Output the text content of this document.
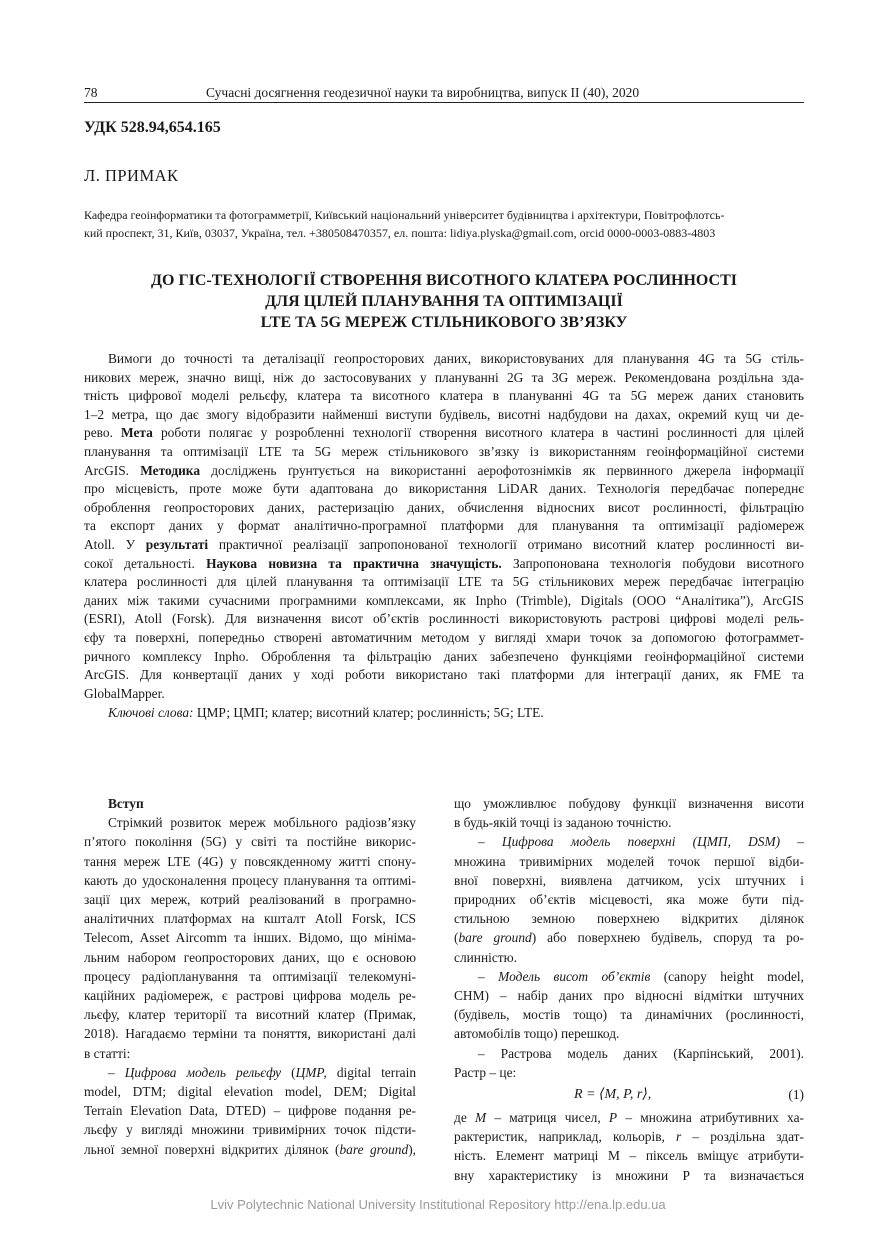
78	Сучасні досягнення геодезичної науки та виробництва, випуск ІІ (40), 2020
УДК 528.94,654.165
Л. ПРИМАК
Кафедра геоінформатики та фотограмметрії, Київський національний університет будівництва і архітектури, Повітрофлотсь-
кий проспект, 31, Київ, 03037, Україна, тел. +380508470357, ел. пошта: lidiya.plyska@gmail.com, orcid 0000-0003-0883-4803
ДО ГІС-ТЕХНОЛОГІЇ СТВОРЕННЯ ВИСОТНОГО КЛАТЕРА РОСЛИННОСТІ
ДЛЯ ЦІЛЕЙ ПЛАНУВАННЯ ТА ОПТИМІЗАЦІЇ
LTE ТА 5G МЕРЕЖ СТІЛЬНИКОВОГО ЗВ’ЯЗКУ
Вимоги до точності та деталізації геопросторових даних, використовуваних для планування 4G та 5G стіль-
никових мереж, значно вищі, ніж до застосовуваних у плануванні 2G та 3G мереж. Рекомендована роздільна зда-
тність цифрової моделі рельєфу, клатера та висотного клатера в плануванні 4G та 5G мереж даних становить
1–2 метра, що дає змогу відобразити найменші виступи будівель, висотні надбудови на дахах, окремий кущ чи де-
рево. Мета роботи полягає у розробленні технології створення висотного клатера в частині рослинності для цілей
планування та оптимізації LTE та 5G мереж стільникового зв’язку із використанням геоінформаційної системи
ArcGIS. Методика досліджень ґрунтується на використанні аерофотознімків як первинного джерела інформації
про місцевість, проте може бути адаптована до використання LiDAR даних. Технологія передбачає попереднє
оброблення геопросторових даних, растеризацію даних, обчислення відносних висот рослинності, фільтрацію
та експорт даних у формат аналітично-програмної платформи для планування та оптимізації радіомереж
Atoll. У результаті практичної реалізації запропонованої технології отримано висотний клатер рослинності ви-
сокої детальності. Наукова новизна та практична значущість. Запропонована технологія побудови висотного
клатера рослинності для цілей планування та оптимізації LTE та 5G стільникових мереж передбачає інтеграцію
даних між такими сучасними програмними комплексами, як Inpho (Trimble), Digitals (ООО “Аналітика”), ArcGIS
(ESRI), Atoll (Forsk). Для визначення висот об’єктів рослинності використовують растрові цифрові моделі рель-
єфу та поверхні, попередньо створені автоматичним методом у вигляді хмари точок за допомогою фотограммет-
ричного комплексу Inpho. Оброблення та фільтрацію даних забезпечено функціями геоінформаційної системи
ArcGIS. Для конвертації даних у ході роботи використано такі платформи для інтеграції даних, як FME та
GlobalMapper.
Ключові слова: ЦМР; ЦМП; клатер; висотний клатер; рослинність; 5G; LTE.
Вступ
Стрімкий розвиток мереж мобільного радіозв’язку
п’ятого покоління (5G) у світі та постійне викорис-
тання мереж LTE (4G) у повсякденному житті спону-
кають до удосконалення процесу планування та оптимі-
зації цих мереж, котрий реалізований в програмно-
аналітичних платформах на кшталт Atoll Forsk, ICS
Telecom, Asset Aircomm та інших. Відомо, що мініма-
льним набором геопросторових даних, що є основою
процесу радіопланування та оптимізації телекомуні-
каційних радіомереж, є растрові цифрова модель ре-
льєфу, клатер території та висотний клатер (Примак,
2018). Нагадаємо терміни та поняття, використані далі
в статті:
– Цифрова модель рельєфу (ЦМР, digital terrain
model, DTM; digital elevation model, DEM; Digital
Terrain Elevation Data, DTED) – цифрове подання ре-
льєфу у вигляді множини тривимірних точок підсти-
льної земної поверхні відкритих ділянок (bare ground),
що уможливлює побудову функції визначення висоти
в будь-якій точці із заданою точністю.
– Цифрова модель поверхні (ЦМП, DSM) –
множина тривимірних моделей точок першої відби-
вної поверхні, виявлена датчиком, усіх штучних і
природних об’єктів місцевості, яка може бути під-
стильною земною поверхнею відкритих ділянок
(bare ground) або поверхнею будівель, споруд та ро-
слинністю.
– Модель висот об’єктів (canopy height model,
CHM) – набір даних про відносні відмітки штучних
(будівель, мостів тощо) та динамічних (рослинності,
автомобілів тощо) перешкод.
– Растрова модель даних (Карпінський, 2001).
Растр – це:
R = ⟨M, P, r⟩,	(1)
де M – матриця чисел, P – множина атрибутивних ха-
рактеристик, наприклад, кольорів, r – роздільна здат-
ність. Елемент матриці M – піксель вміщує атрибути-
вну характеристику із множини P та визначається
Lviv Polytechnic National University Institutional Repository http://ena.lp.edu.ua
